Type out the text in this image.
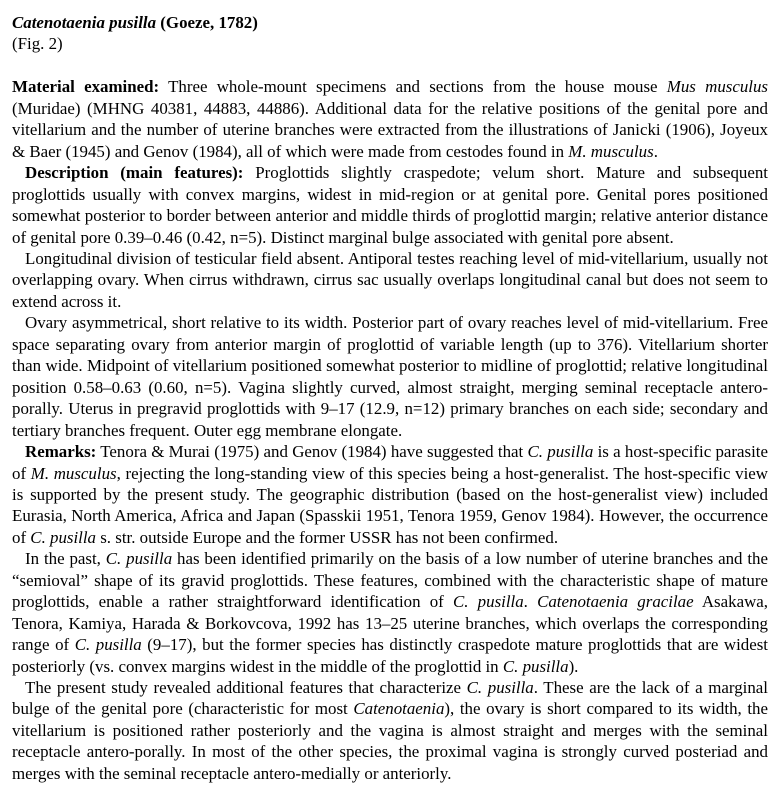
Catenotaenia pusilla (Goeze, 1782)

(Fig. 2)

Material examined: Three whole-mount specimens and sections from the house mouse Mus musculus (Muridae) (MHNG 40381, 44883, 44886). Additional data for the relative positions of the genital pore and vitellarium and the number of uterine branches were extracted from the illustrations of Janicki (1906), Joyeux & Baer (1945) and Genov (1984), all of which were made from cestodes found in M. musculus.

Description (main features): Proglottids slightly craspedote; velum short. Mature and subsequent proglottids usually with convex margins, widest in mid-region or at genital pore. Genital pores positioned somewhat posterior to border between anterior and middle thirds of proglottid margin; relative anterior distance of genital pore 0.39–0.46 (0.42, n=5). Distinct marginal bulge associated with genital pore absent.

Longitudinal division of testicular field absent. Antiporal testes reaching level of mid-vitellarium, usually not overlapping ovary. When cirrus withdrawn, cirrus sac usually overlaps longitudinal canal but does not seem to extend across it.

Ovary asymmetrical, short relative to its width. Posterior part of ovary reaches level of mid-vitellarium. Free space separating ovary from anterior margin of proglottid of variable length (up to 376). Vitellarium shorter than wide. Midpoint of vitellarium positioned somewhat posterior to midline of proglottid; relative longitudinal position 0.58–0.63 (0.60, n=5). Vagina slightly curved, almost straight, merging seminal receptacle antero-porally. Uterus in pregravid proglottids with 9–17 (12.9, n=12) primary branches on each side; secondary and tertiary branches frequent. Outer egg membrane elongate.

Remarks: Tenora & Murai (1975) and Genov (1984) have suggested that C. pusilla is a host-specific parasite of M. musculus, rejecting the long-standing view of this species being a host-generalist. The host-specific view is supported by the present study. The geographic distribution (based on the host-generalist view) included Eurasia, North America, Africa and Japan (Spasskii 1951, Tenora 1959, Genov 1984). However, the occurrence of C. pusilla s. str. outside Europe and the former USSR has not been confirmed.

In the past, C. pusilla has been identified primarily on the basis of a low number of uterine branches and the “semioval” shape of its gravid proglottids. These features, combined with the characteristic shape of mature proglottids, enable a rather straightforward identification of C. pusilla. Catenotaenia gracilae Asakawa, Tenora, Kamiya, Harada & Borkovcova, 1992 has 13–25 uterine branches, which overlaps the corresponding range of C. pusilla (9–17), but the former species has distinctly craspedote mature proglottids that are widest posteriorly (vs. convex margins widest in the middle of the proglottid in C. pusilla).

The present study revealed additional features that characterize C. pusilla. These are the lack of a marginal bulge of the genital pore (characteristic for most Catenotaenia), the ovary is short compared to its width, the vitellarium is positioned rather posteriorly and the vagina is almost straight and merges with the seminal receptacle antero-porally. In most of the other species, the proximal vagina is strongly curved posteriad and merges with the seminal receptacle antero-medially or anteriorly.
